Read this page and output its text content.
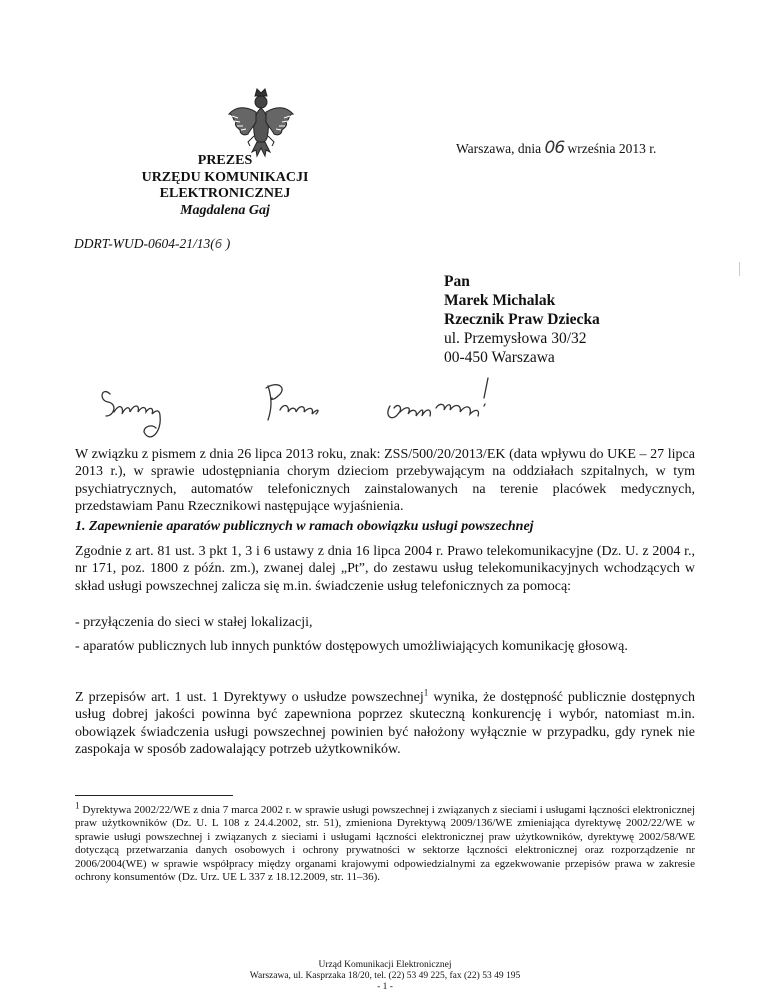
Warszawa, dnia 06 września 2013 r.
PREZES
URZĘDU KOMUNIKACJI ELEKTRONICZNEJ
Magdalena Gaj
DDRT-WUD-0604-21/13(6 )
Pan
Marek Michalak
Rzecznik Praw Dziecka
ul. Przemysłowa 30/32
00-450 Warszawa
W związku z pismem z dnia 26 lipca 2013 roku, znak: ZSS/500/20/2013/EK (data wpływu do UKE – 27 lipca 2013 r.), w sprawie udostępniania chorym dzieciom przebywającym na oddziałach szpitalnych, w tym psychiatrycznych, automatów telefonicznych zainstalowanych na terenie placówek medycznych, przedstawiam Panu Rzecznikowi następujące wyjaśnienia.
1. Zapewnienie aparatów publicznych w ramach obowiązku usługi powszechnej
Zgodnie z art. 81 ust. 3 pkt 1, 3 i 6 ustawy z dnia 16 lipca 2004 r. Prawo telekomunikacyjne (Dz. U. z 2004 r., nr 171, poz. 1800 z późn. zm.), zwanej dalej „Pt”, do zestawu usług telekomunikacyjnych wchodzących w skład usługi powszechnej zalicza się m.in. świadczenie usług telefonicznych za pomocą:
- przyłączenia do sieci w stałej lokalizacji,
- aparatów publicznych lub innych punktów dostępowych umożliwiających komunikację głosową.
Z przepisów art. 1 ust. 1 Dyrektywy o usłudze powszechnej$^1$ wynika, że dostępność publicznie dostępnych usług dobrej jakości powinna być zapewniona poprzez skuteczną konkurencję i wybór, natomiast m.in. obowiązek świadczenia usługi powszechnej powinien być nałożony wyłącznie w przypadku, gdy rynek nie zaspokaja w sposób zadowalający potrzeb użytkowników.
$^1$ Dyrektywa 2002/22/WE z dnia 7 marca 2002 r. w sprawie usługi powszechnej i związanych z sieciami i usługami łączności elektronicznej praw użytkowników (Dz. U. L 108 z 24.4.2002, str. 51), zmieniona Dyrektywą 2009/136/WE zmieniająca dyrektywę 2002/22/WE w sprawie usługi powszechnej i związanych z sieciami i usługami łączności elektronicznej praw użytkowników, dyrektywę 2002/58/WE dotyczącą przetwarzania danych osobowych i ochrony prywatności w sektorze łączności elektronicznej oraz rozporządzenie nr 2006/2004(WE) w sprawie współpracy między organami krajowymi odpowiedzialnymi za egzekwowanie przepisów prawa w zakresie ochrony konsumentów (Dz. Urz. UE L 337 z 18.12.2009, str. 11–36).
Urząd Komunikacji Elektronicznej
Warszawa, ul. Kasprzaka 18/20, tel. (22) 53 49 225, fax (22) 53 49 195
- 1 -
